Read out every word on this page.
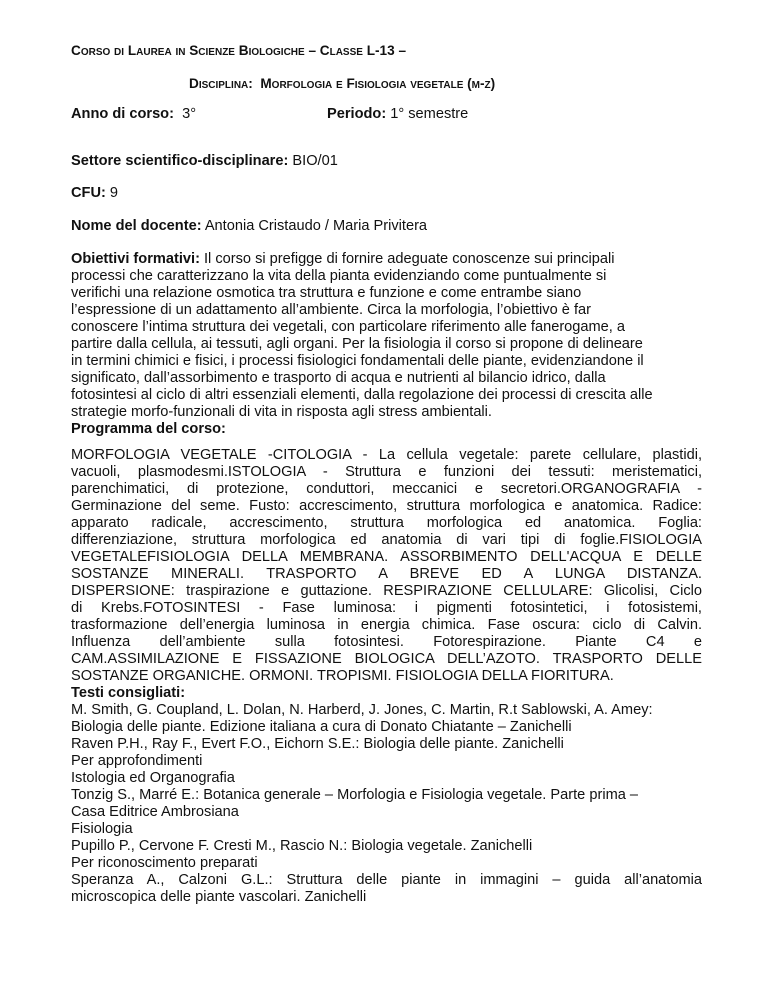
Corso di Laurea in Scienze Biologiche – Classe L-13 –
Disciplina: Morfologia e Fisiologia vegetale (m-z)
Anno di corso: 3°	Periodo: 1° semestre
Settore scientifico-disciplinare: BIO/01
CFU: 9
Nome del docente: Antonia Cristaudo / Maria Privitera
Obiettivi formativi: Il corso si prefigge di fornire adeguate conoscenze sui principali
processi che caratterizzano la vita della pianta evidenziando come puntualmente si
verifichi una relazione osmotica tra struttura e funzione e come entrambe siano
l’espressione di un adattamento all’ambiente. Circa la morfologia, l’obiettivo è far
conoscere l’intima struttura dei vegetali, con particolare riferimento alle fanerogame, a
partire dalla cellula, ai tessuti, agli organi. Per la fisiologia il corso si propone di delineare
in termini chimici e fisici, i processi fisiologici fondamentali delle piante, evidenziandone il
significato, dall’assorbimento e trasporto di acqua e nutrienti al bilancio idrico, dalla
fotosintesi al ciclo di altri essenziali elementi, dalla regolazione dei processi di crescita alle
strategie morfo-funzionali di vita in risposta agli stress ambientali.
Programma del corso:
MORFOLOGIA VEGETALE -CITOLOGIA - La cellula vegetale: parete cellulare, plastidi,
vacuoli, plasmodesmi.ISTOLOGIA - Struttura e funzioni dei tessuti: meristematici,
parenchimatici, di protezione, conduttori, meccanici e secretori.ORGANOGRAFIA -
Germinazione del seme. Fusto: accrescimento, struttura morfologica e anatomica. Radice:
apparato radicale, accrescimento, struttura morfologica ed anatomica. Foglia:
differenziazione, struttura morfologica ed anatomia di vari tipi di foglie.FISIOLOGIA
VEGETALEFISIOLOGIA DELLA MEMBRANA. ASSORBIMENTO DELL'ACQUA E DELLE
SOSTANZE MINERALI. TRASPORTO A BREVE ED A LUNGA DISTANZA.
DISPERSIONE: traspirazione e guttazione. RESPIRAZIONE CELLULARE: Glicolisi, Ciclo
di Krebs.FOTOSINTESI - Fase luminosa: i pigmenti fotosintetici, i fotosistemi,
trasformazione dell’energia luminosa in energia chimica. Fase oscura: ciclo di Calvin.
Influenza dell’ambiente sulla fotosintesi. Fotorespirazione. Piante C4 e
CAM.ASSIMILAZIONE E FISSAZIONE BIOLOGICA DELL’AZOTO. TRASPORTO DELLE
SOSTANZE ORGANICHE. ORMONI. TROPISMI. FISIOLOGIA DELLA FIORITURA.
Testi consigliati:
M. Smith, G. Coupland, L. Dolan, N. Harberd, J. Jones, C. Martin, R.t Sablowski, A. Amey:
Biologia delle piante. Edizione italiana a cura di Donato Chiatante – Zanichelli
Raven P.H., Ray F., Evert F.O., Eichorn S.E.: Biologia delle piante. Zanichelli
Per approfondimenti
Istologia ed Organografia
Tonzig S., Marré E.: Botanica generale – Morfologia e Fisiologia vegetale. Parte prima –
Casa Editrice Ambrosiana
Fisiologia
Pupillo P., Cervone F. Cresti M., Rascio N.: Biologia vegetale. Zanichelli
Per riconoscimento preparati
Speranza A., Calzoni G.L.: Struttura delle piante in immagini – guida all’anatomia
microscopica delle piante vascolari. Zanichelli
